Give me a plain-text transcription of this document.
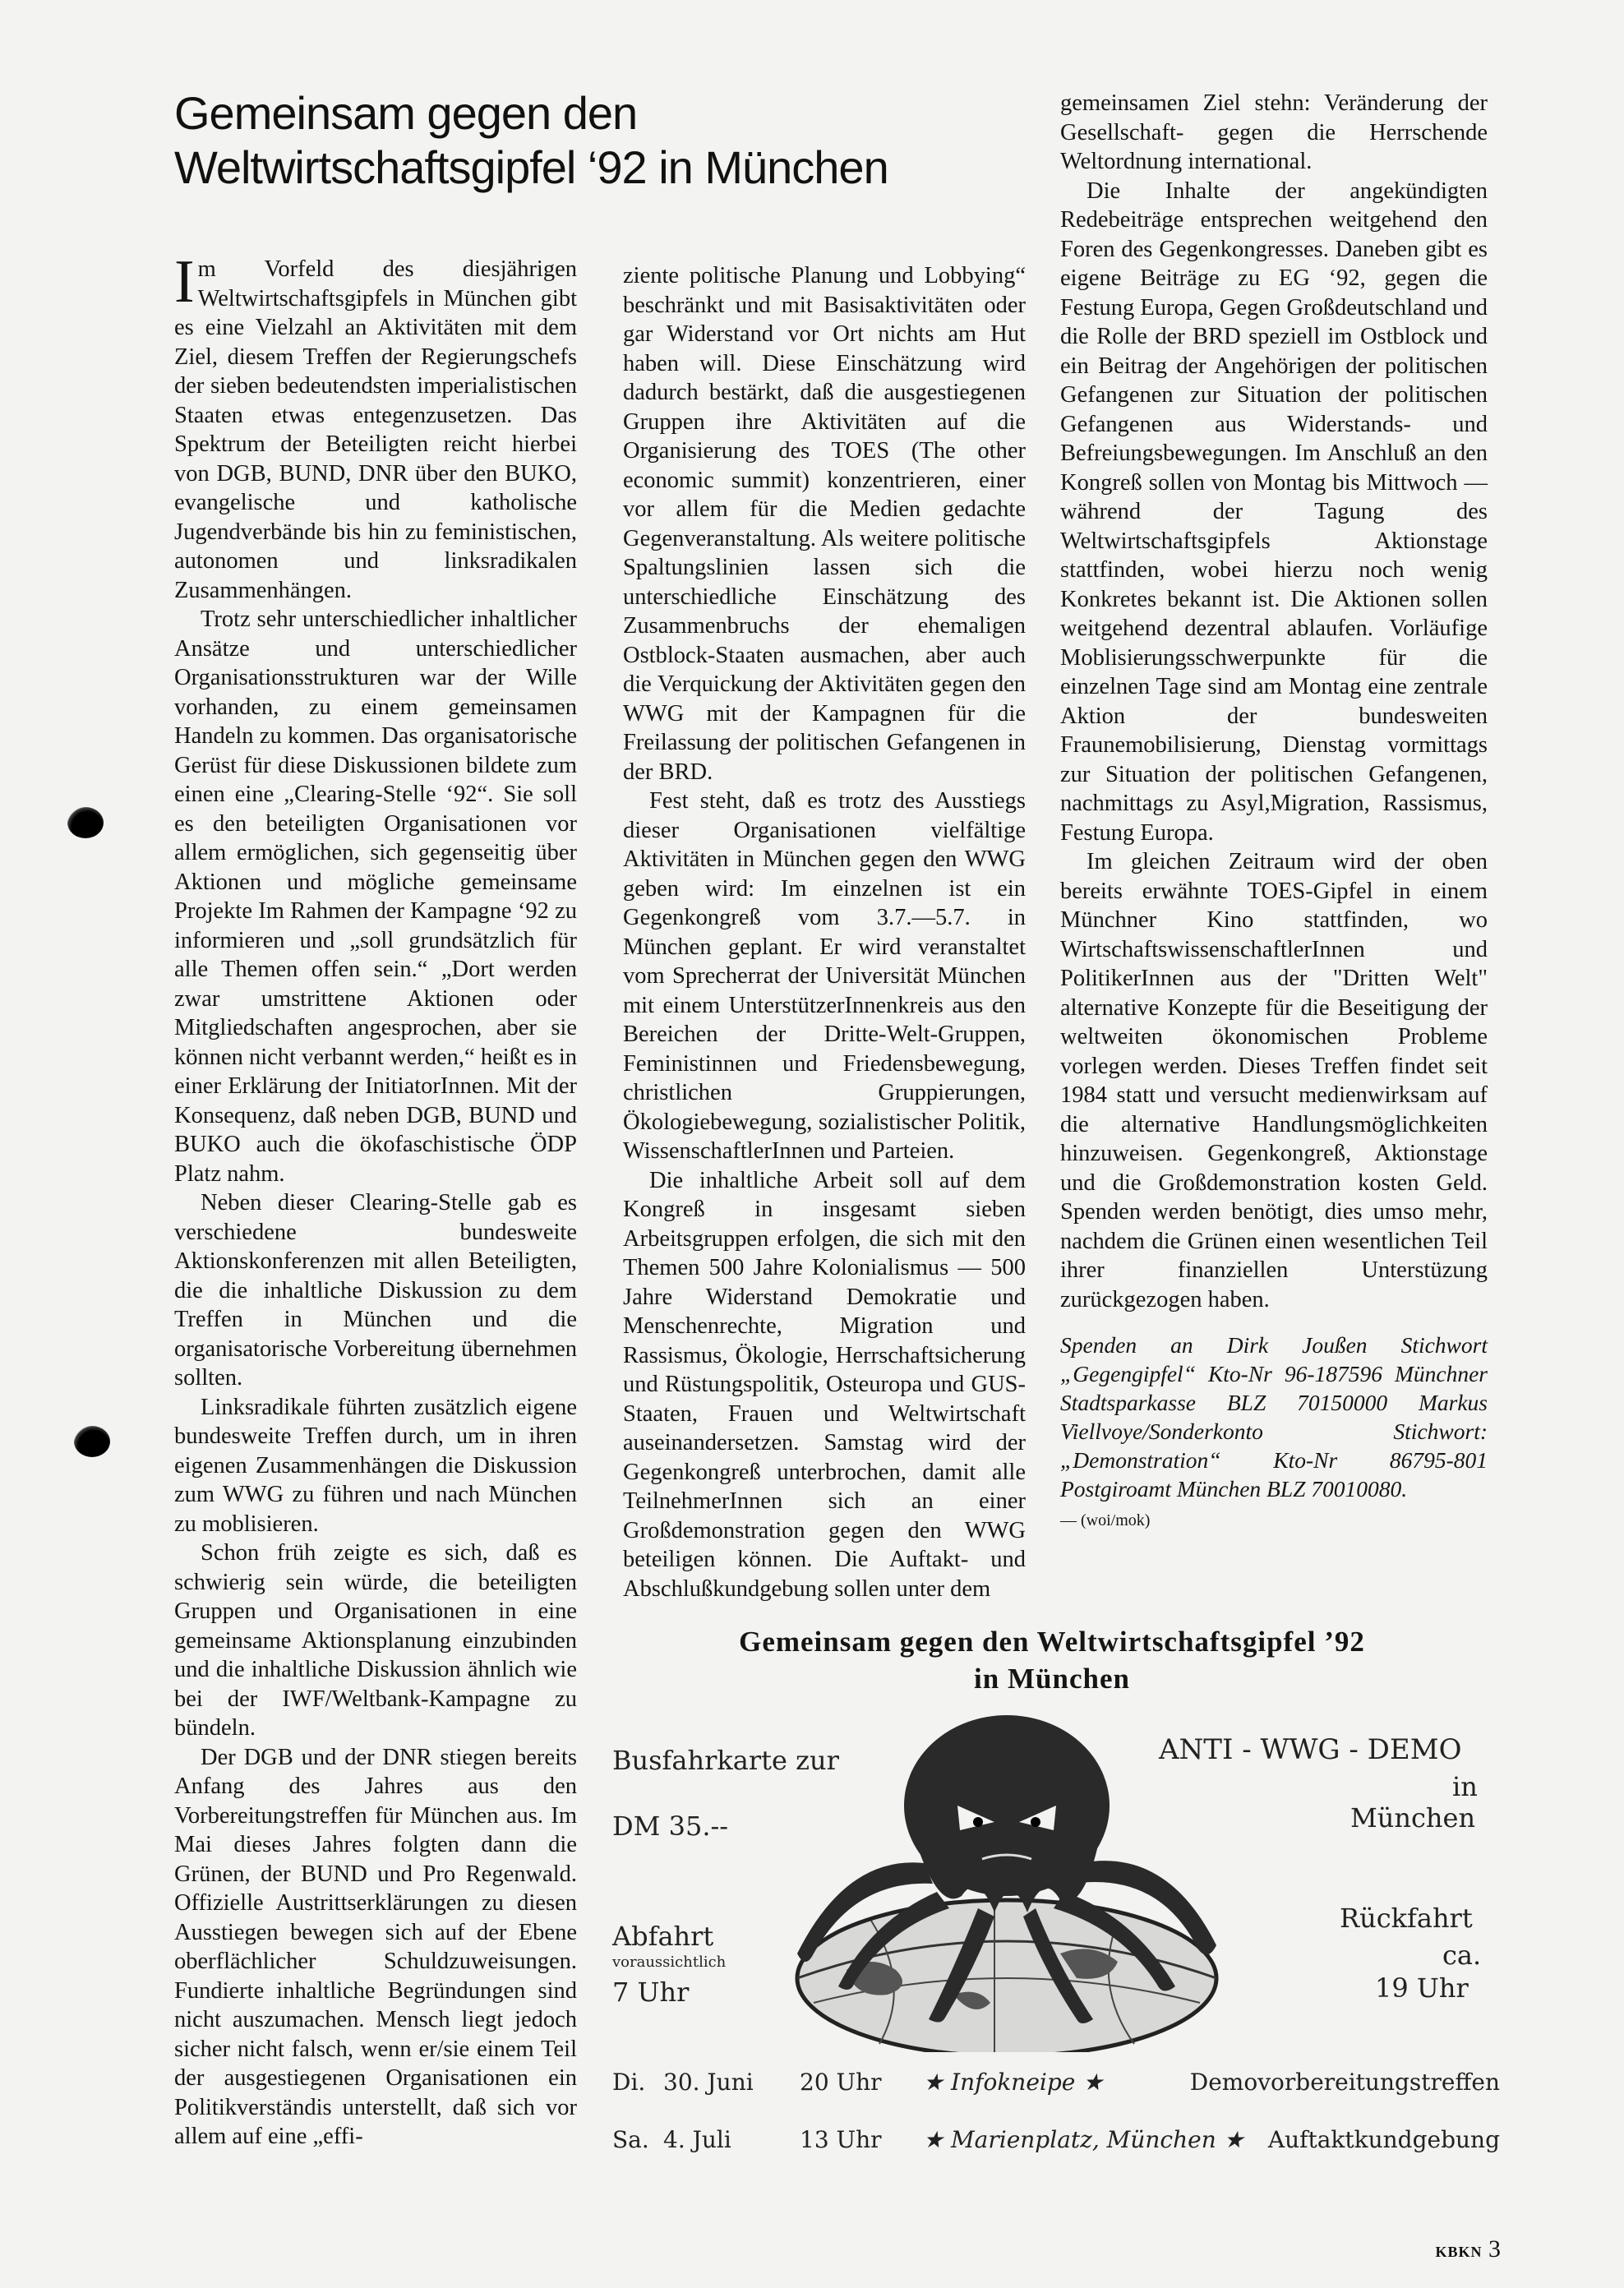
Gemeinsam gegen den
Weltwirtschaftsgipfel ‘92 in München

Im Vorfeld des diesjährigen Weltwirtschaftsgipfels in München gibt es eine Vielzahl an Aktivitäten mit dem Ziel, diesem Treffen der Regierungschefs der sieben bedeutendsten imperialistischen Staaten etwas entegenzusetzen. Das Spektrum der Beteiligten reicht hierbei von DGB, BUND, DNR über den BUKO, evangelische und katholische Jugendverbände bis hin zu feministischen, autonomen und linksradikalen Zusammenhängen.

Trotz sehr unterschiedlicher inhaltlicher Ansätze und unterschiedlicher Organisationsstrukturen war der Wille vorhanden, zu einem gemeinsamen Handeln zu kommen. Das organisatorische Gerüst für diese Diskussionen bildete zum einen eine „Clearing-Stelle ‘92“. Sie soll es den beteiligten Organisationen vor allem ermöglichen, sich gegenseitig über Aktionen und mögliche gemeinsame Projekte Im Rahmen der Kampagne ‘92 zu informieren und „soll grundsätzlich für alle Themen offen sein.“ „Dort werden zwar umstrittene Aktionen oder Mitgliedschaften angesprochen, aber sie können nicht verbannt werden,“ heißt es in einer Erklärung der InitiatorInnen. Mit der Konsequenz, daß neben DGB, BUND und BUKO auch die ökofaschistische ÖDP Platz nahm.

Neben dieser Clearing-Stelle gab es verschiedene bundesweite Aktionskonferenzen mit allen Beteiligten, die die inhaltliche Diskussion zu dem Treffen in München und die organisatorische Vorbereitung übernehmen sollten.

Linksradikale führten zusätzlich eigene bundesweite Treffen durch, um in ihren eigenen Zusammenhängen die Diskussion zum WWG zu führen und nach München zu moblisieren.

Schon früh zeigte es sich, daß es schwierig sein würde, die beteiligten Gruppen und Organisationen in eine gemeinsame Aktionsplanung einzubinden und die inhaltliche Diskussion ähnlich wie bei der IWF/Weltbank-Kampagne zu bündeln.

Der DGB und der DNR stiegen bereits Anfang des Jahres aus den Vorbereitungstreffen für München aus. Im Mai dieses Jahres folgten dann die Grünen, der BUND und Pro Regenwald. Offizielle Austrittserklärungen zu diesen Ausstiegen bewegen sich auf der Ebene oberflächlicher Schuldzuweisungen. Fundierte inhaltliche Begründungen sind nicht auszumachen. Mensch liegt jedoch sicher nicht falsch, wenn er/sie einem Teil der ausgestiegenen Organisationen ein Politikverständis unterstellt, daß sich vor allem auf eine „effi-

ziente politische Planung und Lobbying“ beschränkt und mit Basisaktivitäten oder gar Widerstand vor Ort nichts am Hut haben will. Diese Einschätzung wird dadurch bestärkt, daß die ausgestiegenen Gruppen ihre Aktivitäten auf die Organisierung des TOES (The other economic summit) konzentrieren, einer vor allem für die Medien gedachte Gegenveranstaltung. Als weitere politische Spaltungslinien lassen sich die unterschiedliche Einschätzung des Zusammenbruchs der ehemaligen Ostblock-Staaten ausmachen, aber auch die Verquickung der Aktivitäten gegen den WWG mit der Kampagnen für die Freilassung der politischen Gefangenen in der BRD.

Fest steht, daß es trotz des Ausstiegs dieser Organisationen vielfältige Aktivitäten in München gegen den WWG geben wird: Im einzelnen ist ein Gegenkongreß vom 3.7.—5.7. in München geplant. Er wird veranstaltet vom Sprecherrat der Universität München mit einem UnterstützerInnenkreis aus den Bereichen der Dritte-Welt-Gruppen, Feministinnen und Friedensbewegung, christlichen Gruppierungen, Ökologiebewegung, sozialistischer Politik, WissenschaftlerInnen und Parteien.

Die inhaltliche Arbeit soll auf dem Kongreß in insgesamt sieben Arbeitsgruppen erfolgen, die sich mit den Themen 500 Jahre Kolonialismus — 500 Jahre Widerstand Demokratie und Menschenrechte, Migration und Rassismus, Ökologie, Herrschaftsicherung und Rüstungspolitik, Osteuropa und GUS-Staaten, Frauen und Weltwirtschaft auseinandersetzen. Samstag wird der Gegenkongreß unterbrochen, damit alle TeilnehmerInnen sich an einer Großdemonstration gegen den WWG beteiligen können. Die Auftakt- und Abschlußkundgebung sollen unter dem

gemeinsamen Ziel stehn: Veränderung der Gesellschaft- gegen die Herrschende Weltordnung international.

Die Inhalte der angekündigten Redebeiträge entsprechen weitgehend den Foren des Gegenkongresses. Daneben gibt es eigene Beiträge zu EG ‘92, gegen die Festung Europa, Gegen Großdeutschland und die Rolle der BRD speziell im Ostblock und ein Beitrag der Angehörigen der politischen Gefangenen zur Situation der politischen Gefangenen aus Widerstands- und Befreiungsbewegungen. Im Anschluß an den Kongreß sollen von Montag bis Mittwoch — während der Tagung des Weltwirtschaftsgipfels Aktionstage stattfinden, wobei hierzu noch wenig Konkretes bekannt ist. Die Aktionen sollen weitgehend dezentral ablaufen. Vorläufige Moblisierungsschwerpunkte für die einzelnen Tage sind am Montag eine zentrale Aktion der bundesweiten Fraunemobilisierung, Dienstag vormittags zur Situation der politischen Gefangenen, nachmittags zu Asyl,Migration, Rassismus, Festung Europa.

Im gleichen Zeitraum wird der oben bereits erwähnte TOES-Gipfel in einem Münchner Kino stattfinden, wo WirtschaftswissenschaftlerInnen und PolitikerInnen aus der "Dritten Welt" alternative Konzepte für die Beseitigung der weltweiten ökonomischen Probleme vorlegen werden. Dieses Treffen findet seit 1984 statt und versucht medienwirksam auf die alternative Handlungsmöglichkeiten hinzuweisen. Gegenkongreß, Aktionstage und die Großdemonstration kosten Geld. Spenden werden benötigt, dies umso mehr, nachdem die Grünen einen wesentlichen Teil ihrer finanziellen Unterstüzung zurückgezogen haben.

Spenden an Dirk Joußen Stichwort „Gegengipfel“ Kto-Nr 96-187596 Münchner Stadtsparkasse BLZ 70150000 Markus Viellvoye/Sonderkonto Stichwort: „Demonstration“ Kto-Nr 86795-801 Postgiroamt München BLZ 70010080.
— (woi/mok)
Gemeinsam gegen den Weltwirtschaftsgipfel ’92
in München
Busfahrkarte zur
DM 35.--
ANTI - WWG - DEMO
in
München
Abfahrt
voraussichtlich
7 Uhr
Rückfahrt
ca.
19 Uhr
Di. 30. Juni 20 Uhr ★ Infokneipe ★	Demovorbereitungstreffen
Sa. 4. Juli	13 Uhr ★ Marienplatz, München ★ Auftaktkundgebung
KBKN 3
